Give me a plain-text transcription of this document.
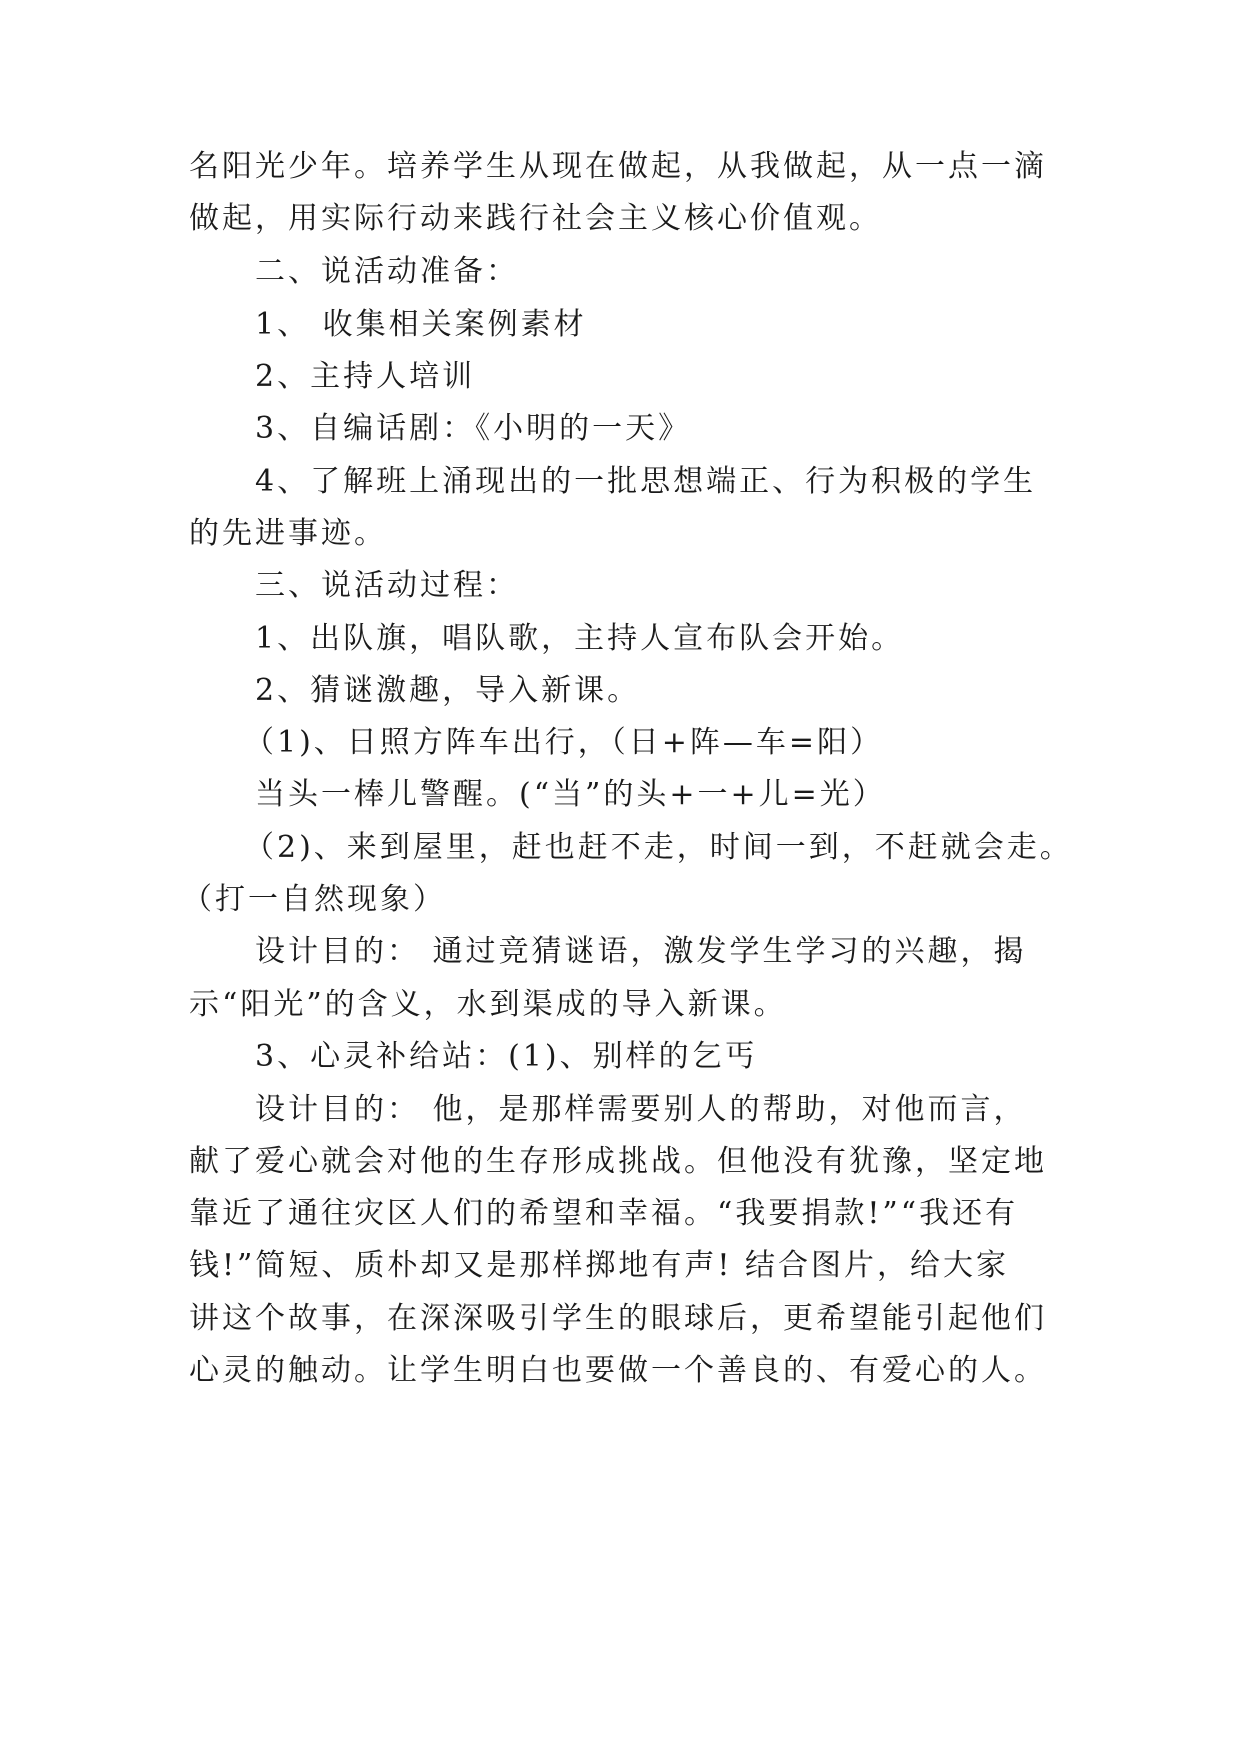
名阳光少年。培养学生从现在做起，从我做起，从一点一滴
做起，用实际行动来践行社会主义核心价值观。
二、说活动准备：
1、 收集相关案例素材
2、主持人培训
3、自编话剧：《小明的一天》
4、了解班上涌现出的一批思想端正、行为积极的学生
的先进事迹。
三、说活动过程：
1、出队旗，唱队歌，主持人宣布队会开始。
2、猜谜激趣，导入新课。
（1)、日照方阵车出行，（日+阵—车=阳）
当头一棒儿警醒。(“当”的头+一+儿=光）
（2)、来到屋里，赶也赶不走，时间一到，不赶就会走。
（打一自然现象）
设计目的： 通过竞猜谜语，激发学生学习的兴趣，揭
示“阳光”的含义，水到渠成的导入新课。
3、心灵补给站：(1)、别样的乞丐
设计目的： 他，是那样需要别人的帮助，对他而言，
献了爱心就会对他的生存形成挑战。但他没有犹豫，坚定地
靠近了通往灾区人们的希望和幸福。“我要捐款!”“我还有
钱!”简短、质朴却又是那样掷地有声! 结合图片，给大家
讲这个故事，在深深吸引学生的眼球后，更希望能引起他们
心灵的触动。让学生明白也要做一个善良的、有爱心的人。
